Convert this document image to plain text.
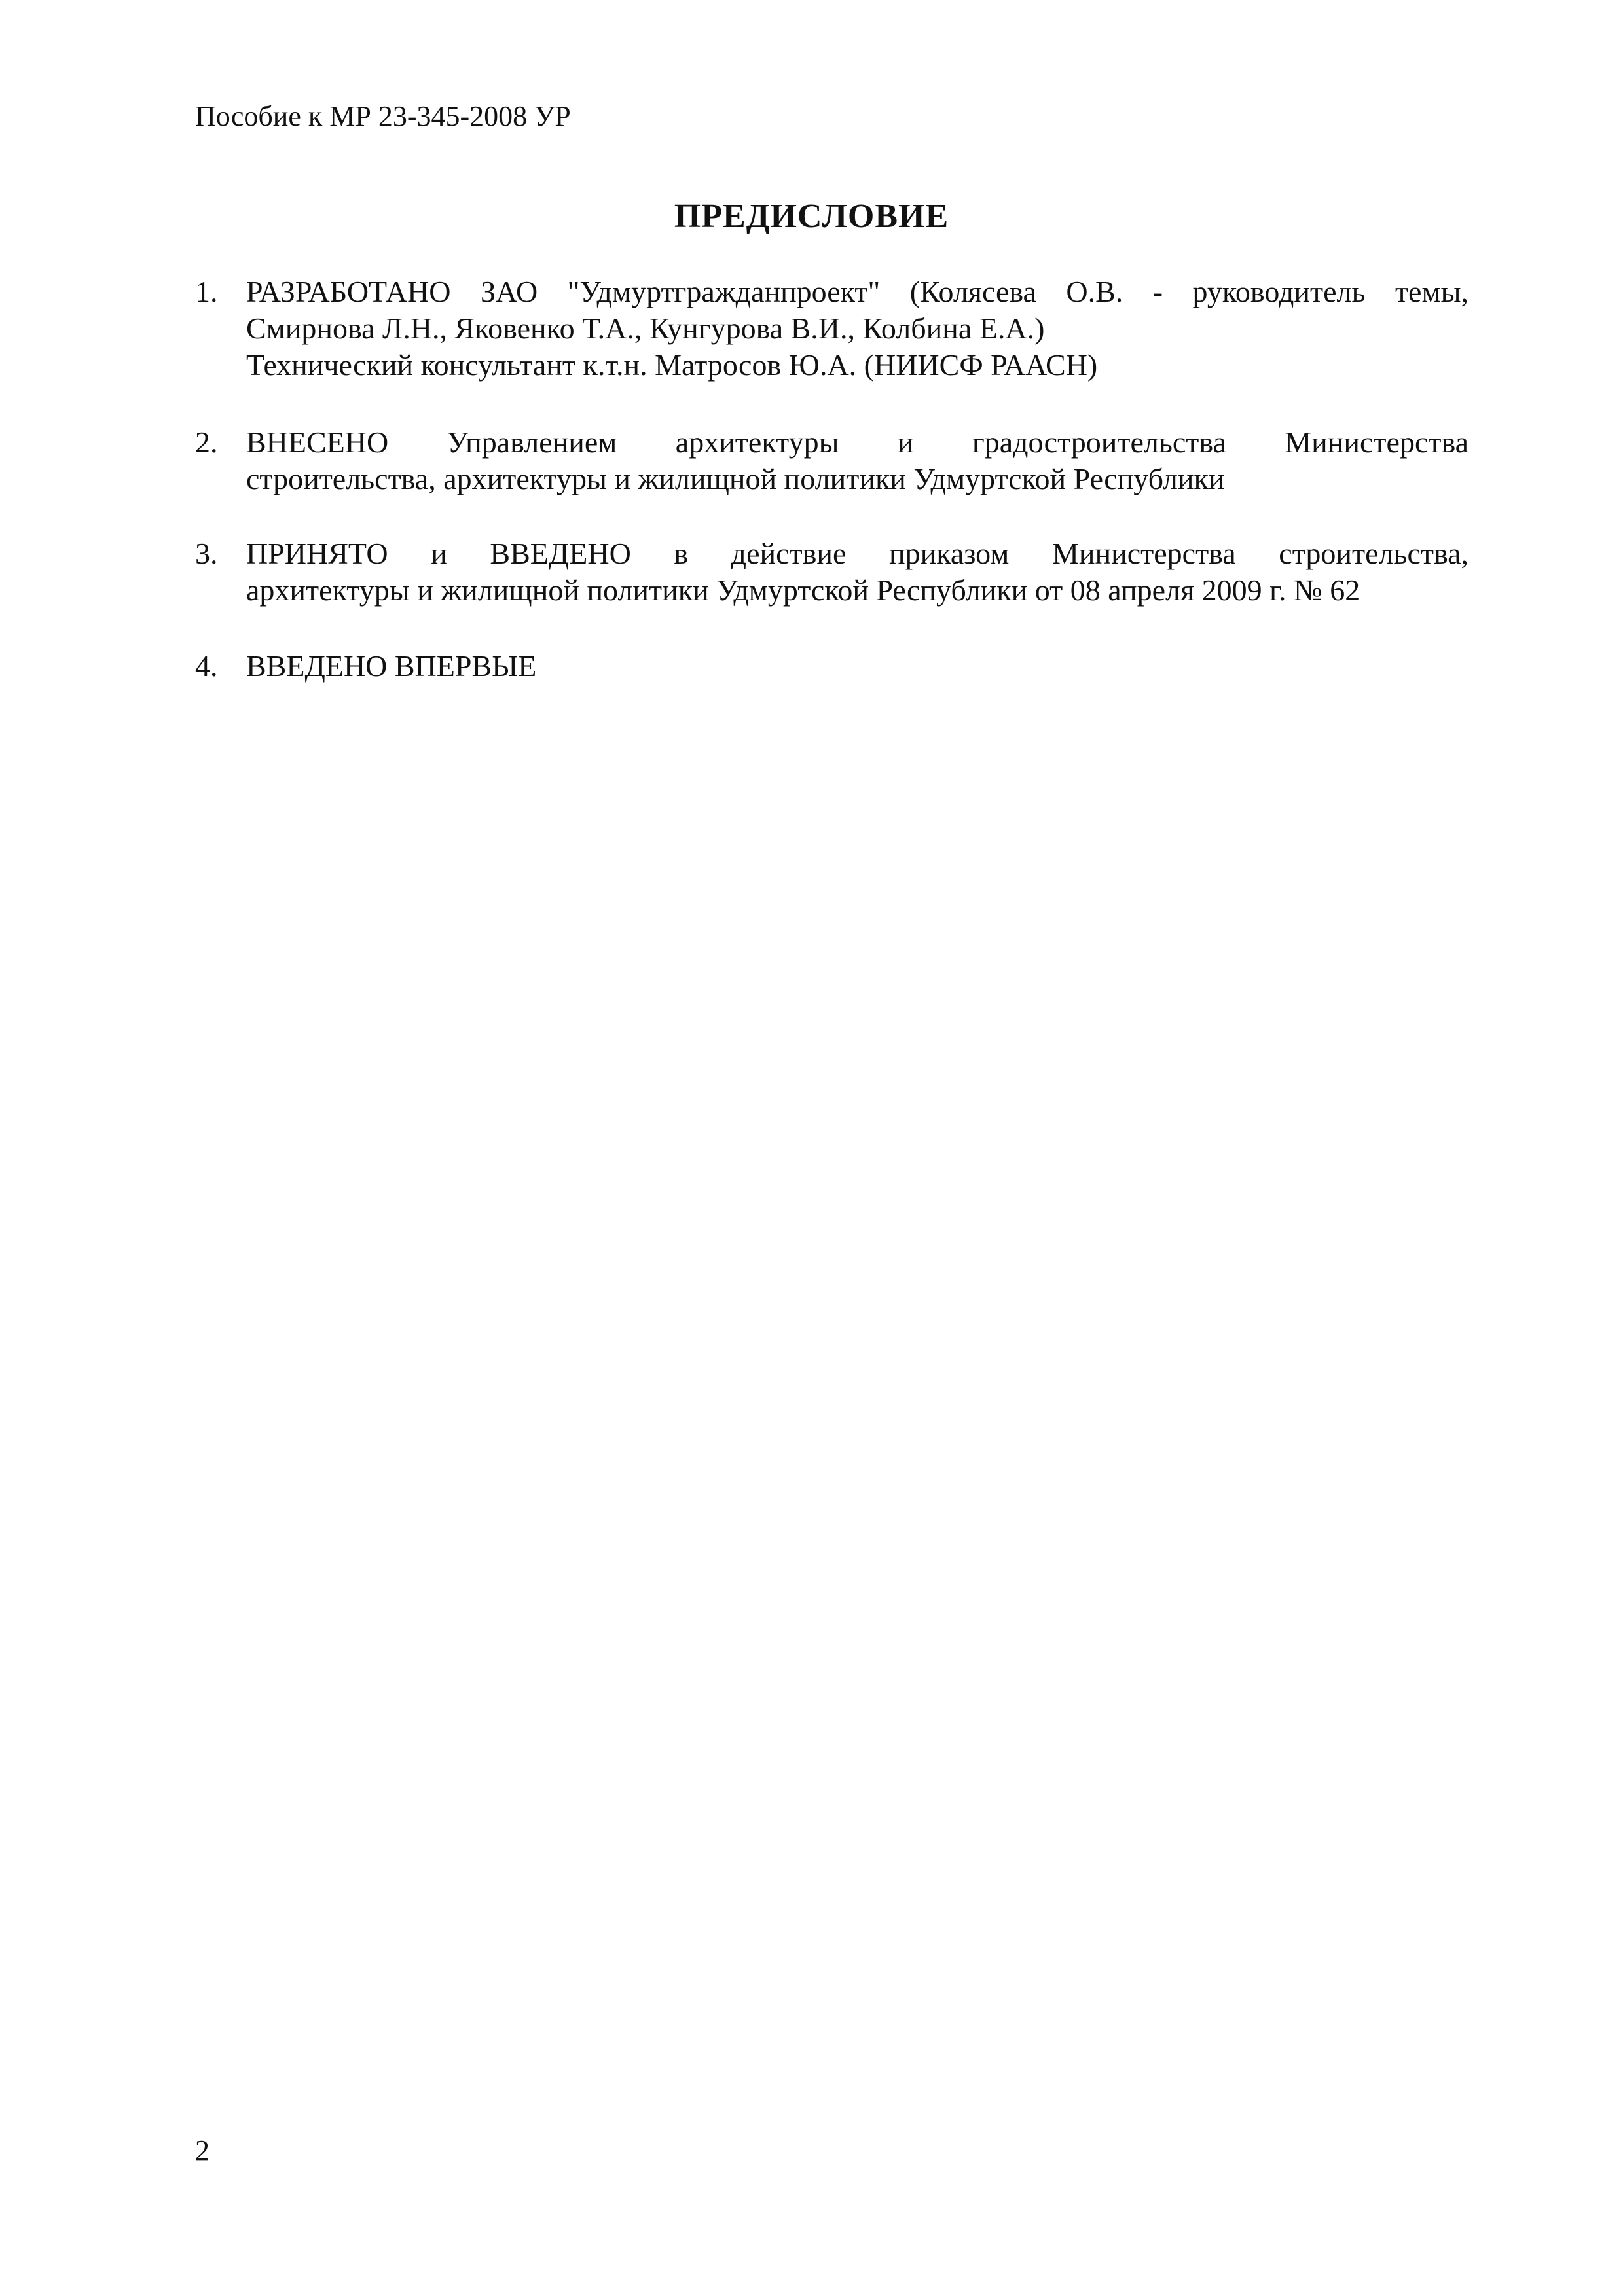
Пособие к МР 23-345-2008 УР
ПРЕДИСЛОВИЕ
1. РАЗРАБОТАНО ЗАО "Удмуртгражданпроект" (Колясева О.В. - руководитель темы,
Смирнова Л.Н., Яковенко Т.А., Кунгурова В.И., Колбина Е.А.)
Технический консультант к.т.н. Матросов Ю.А. (НИИСФ РААСН)
2. ВНЕСЕНО Управлением архитектуры и градостроительства Министерства
строительства, архитектуры и жилищной политики Удмуртской Республики
3. ПРИНЯТО и ВВЕДЕНО в действие приказом Министерства строительства,
архитектуры и жилищной политики Удмуртской Республики от 08 апреля 2009 г. № 62
4. ВВЕДЕНО ВПЕРВЫЕ
2
